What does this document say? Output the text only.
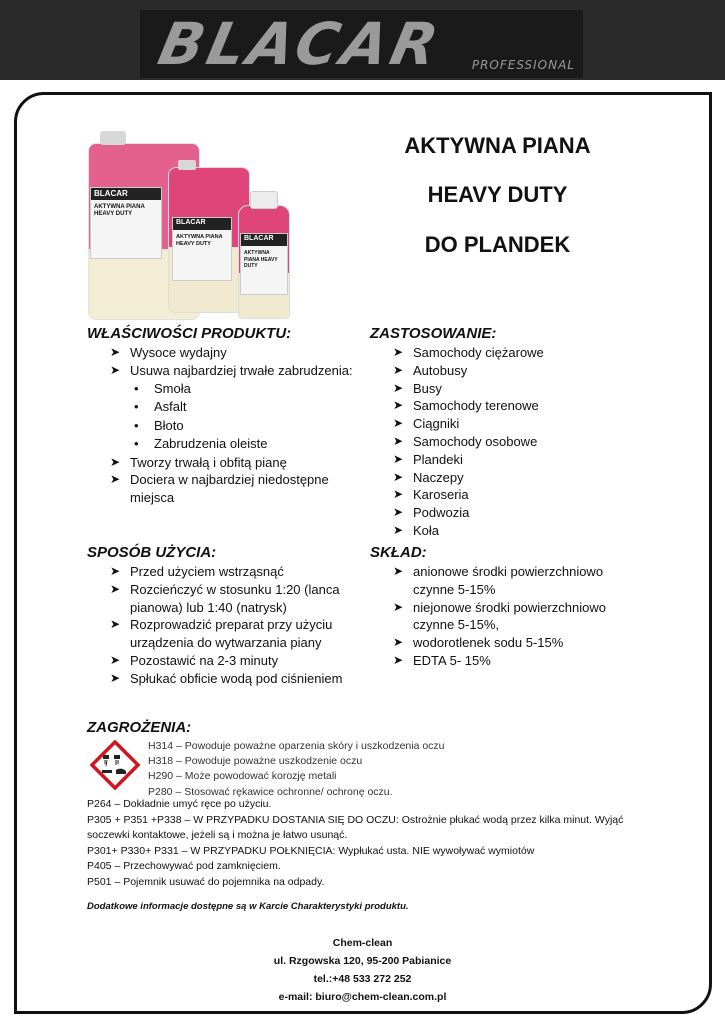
BLACAR PROFESSIONAL
AKTYWNA PIANA
HEAVY DUTY
DO PLANDEK
BLACAR
AKTYWNA PIANA HEAVY DUTY
BLACAR
AKTYWNA PIANA HEAVY DUTY
BLACAR
AKTYWNA PIANA HEAVY DUTY
WŁAŚCIWOŚCI PRODUKTU:
➤ Wysoce wydajny
➤ Usuwa najbardziej trwałe zabrudzenia:
• Smoła
• Asfalt
• Błoto
• Zabrudzenia oleiste
➤ Tworzy trwałą i obfitą pianę
➤ Dociera w najbardziej niedostępne miejsca
ZASTOSOWANIE:
➤ Samochody ciężarowe
➤ Autobusy
➤ Busy
➤ Samochody terenowe
➤ Ciągniki
➤ Samochody osobowe
➤ Plandeki
➤ Naczepy
➤ Karoseria
➤ Podwozia
➤ Koła
SPOSÓB UŻYCIA:
➤ Przed użyciem wstrząsnąć
➤ Rozcieńczyć w stosunku 1:20 (lanca pianowa) lub 1:40 (natrysk)
➤ Rozprowadzić preparat przy użyciu urządzenia do wytwarzania piany
➤ Pozostawić na 2-3 minuty
➤ Spłukać obficie wodą pod ciśnieniem
SKŁAD:
➤ anionowe środki powierzchniowo czynne 5-15%
➤ niejonowe środki powierzchniowo czynne 5-15%,
➤ wodorotlenek sodu 5-15%
➤ EDTA 5- 15%
ZAGROŻENIA:
H314 – Powoduje poważne oparzenia skóry i uszkodzenia oczu
H318 – Powoduje poważne uszkodzenie oczu
H290 – Może powodować korozję metali
P280 – Stosować rękawice ochronne/ ochronę oczu.
P264 – Dokładnie umyć ręce po użyciu.
P305 + P351 +P338 – W PRZYPADKU DOSTANIA SIĘ DO OCZU: Ostrożnie płukać wodą przez kilka minut. Wyjąć soczewki kontaktowe, jeżeli są i można je łatwo usunąć.
P301+ P330+ P331 – W PRZYPADKU POŁKNIĘCIA: Wypłukać usta. NIE wywoływać wymiotów
P405 – Przechowywać pod zamknięciem.
P501 – Pojemnik usuwać do pojemnika na odpady.
Dodatkowe informacje dostępne są w Karcie Charakterystyki produktu.
Chem-clean
ul. Rzgowska 120, 95-200 Pabianice
tel.:+48 533 272 252
e-mail: biuro@chem-clean.com.pl
